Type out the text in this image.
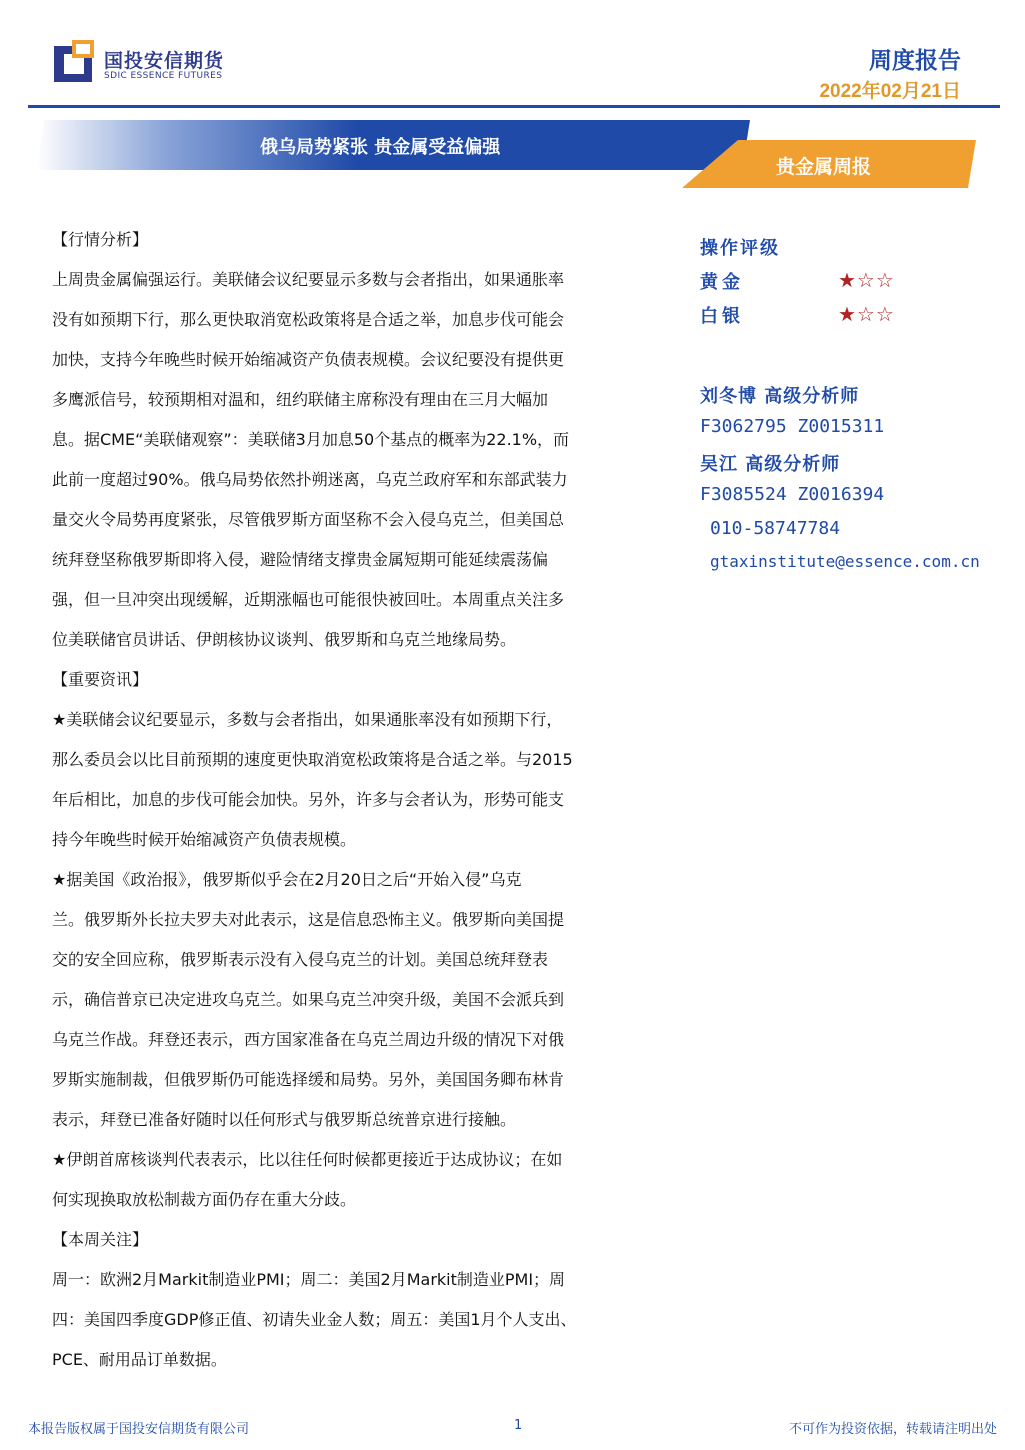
国投安信期货
SDIC ESSENCE FUTURES
周度报告
2022年02月21日
俄乌局势紧张 贵金属受益偏强
贵金属周报
【行情分析】

上周贵金属偏强运行。美联储会议纪要显示多数与会者指出，如果通胀率

没有如预期下行，那么更快取消宽松政策将是合适之举，加息步伐可能会

加快，支持今年晚些时候开始缩减资产负债表规模。会议纪要没有提供更

多鹰派信号，较预期相对温和，纽约联储主席称没有理由在三月大幅加

息。据CME“美联储观察”：美联储3月加息50个基点的概率为22.1%，而

此前一度超过90%。俄乌局势依然扑朔迷离，乌克兰政府军和东部武装力

量交火令局势再度紧张，尽管俄罗斯方面坚称不会入侵乌克兰，但美国总

统拜登坚称俄罗斯即将入侵，避险情绪支撑贵金属短期可能延续震荡偏

强，但一旦冲突出现缓解，近期涨幅也可能很快被回吐。本周重点关注多

位美联储官员讲话、伊朗核协议谈判、俄罗斯和乌克兰地缘局势。

【重要资讯】

★美联储会议纪要显示，多数与会者指出，如果通胀率没有如预期下行，

那么委员会以比目前预期的速度更快取消宽松政策将是合适之举。与2015

年后相比，加息的步伐可能会加快。另外，许多与会者认为，形势可能支

持今年晚些时候开始缩减资产负债表规模。

★据美国《政治报》，俄罗斯似乎会在2月20日之后“开始入侵”乌克

兰。俄罗斯外长拉夫罗夫对此表示，这是信息恐怖主义。俄罗斯向美国提

交的安全回应称，俄罗斯表示没有入侵乌克兰的计划。美国总统拜登表

示，确信普京已决定进攻乌克兰。如果乌克兰冲突升级，美国不会派兵到

乌克兰作战。拜登还表示，西方国家准备在乌克兰周边升级的情况下对俄

罗斯实施制裁，但俄罗斯仍可能选择缓和局势。另外，美国国务卿布林肯

表示，拜登已准备好随时以任何形式与俄罗斯总统普京进行接触。

★伊朗首席核谈判代表表示，比以往任何时候都更接近于达成协议；在如

何实现换取放松制裁方面仍存在重大分歧。

【本周关注】

周一：欧洲2月Markit制造业PMI；周二：美国2月Markit制造业PMI；周

四：美国四季度GDP修正值、初请失业金人数；周五：美国1月个人支出、

PCE、耐用品订单数据。

操作评级
黄金	★☆☆
白银	★☆☆
刘冬博 高级分析师
F3062795 Z0015311
吴江 高级分析师
F3085524 Z0016394
010-58747784
gtaxinstitute@essence.com.cn
本报告版权属于国投安信期货有限公司	1	不可作为投资依据，转载请注明出处
